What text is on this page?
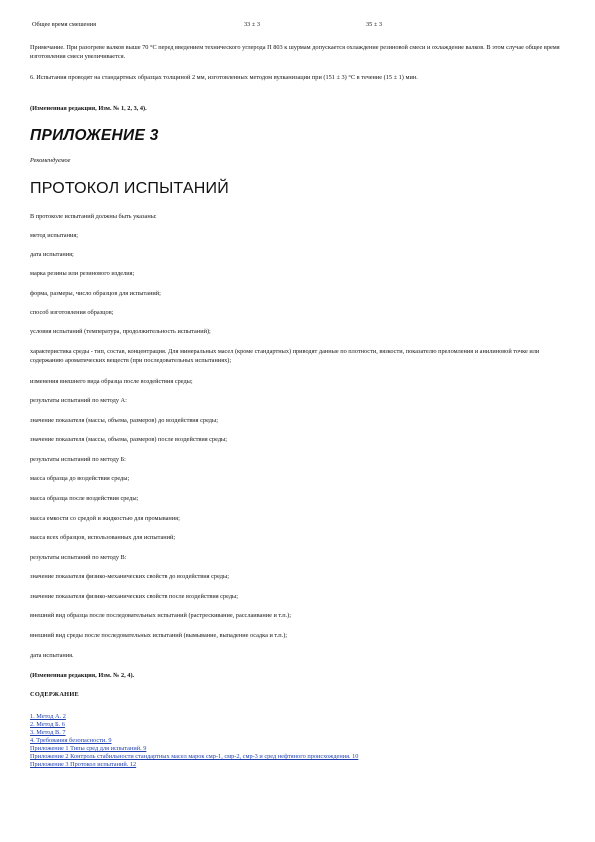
Общее время смешения	33 ± 3	35 ± 3
Примечание. При разогреве валков выше 70 °С перед введением технического углерода П 803 к шурмам допускается охлаждение резиновой смеси и охлаждение валков. В этом случае общее время изготовления смеси увеличивается.
6. Испытания проводят на стандартных образцах толщиной 2 мм, изготовленных методом вулканизации при (151 ± 3) °С в течение (15 ± 1) мин.
(Измененная редакция, Изм. № 1, 2, 3, 4).
ПРИЛОЖЕНИЕ 3
Рекомендуемое
ПРОТОКОЛ ИСПЫТАНИЙ
В протоколе испытаний должны быть указаны:
метод испытания;
дата испытания;
марка резины или резинового изделия;
форма, размеры, число образцов для испытаний;
способ изготовления образцов;
условия испытаний (температура, продолжительность испытаний);
характеристика среды - тип, состав, концентрация. Для минеральных масел (кроме стандартных) приводят данные по плотности, вязкости, показателю преломления и анилиновой точке или содержанию ароматических веществ (при последовательных испытаниях);
изменения внешнего вида образца после воздействия среды;
результаты испытаний по методу А:
значение показателя (массы, объема, размеров) до воздействия среды;
значение показателя (массы, объема, размеров) после воздействия среды;
результаты испытаний по методу Б:
масса образца до воздействия среды;
масса образца после воздействия среды;
масса емкости со средой и жидкостью для промывания;
масса всех образцов, использованных для испытаний;
результаты испытаний по методу В:
значение показателя физико-механических свойств до воздействия среды;
значение показателя физико-механических свойств после воздействия среды;
внешний вид образца после последовательных испытаний (растрескивание, расслаивание и т.п.);
внешний вид среды после последовательных испытаний (вымывание, выпадение осадка и т.п.);
дата испытания.
(Измененная редакция, Изм. № 2, 4).
СОДЕРЖАНИЕ
1. Метод А. 2
2. Метод Б. 6
3. Метод В. 7
4. Требования безопасности. 9
Приложение 1 Типы сред для испытаний. 9
Приложение 2 Контроль стабильности стандартных масел марок смр-1, смр-2, смр-3 и сред нефтяного происхождения. 10
Приложение 3 Протокол испытаний. 12
